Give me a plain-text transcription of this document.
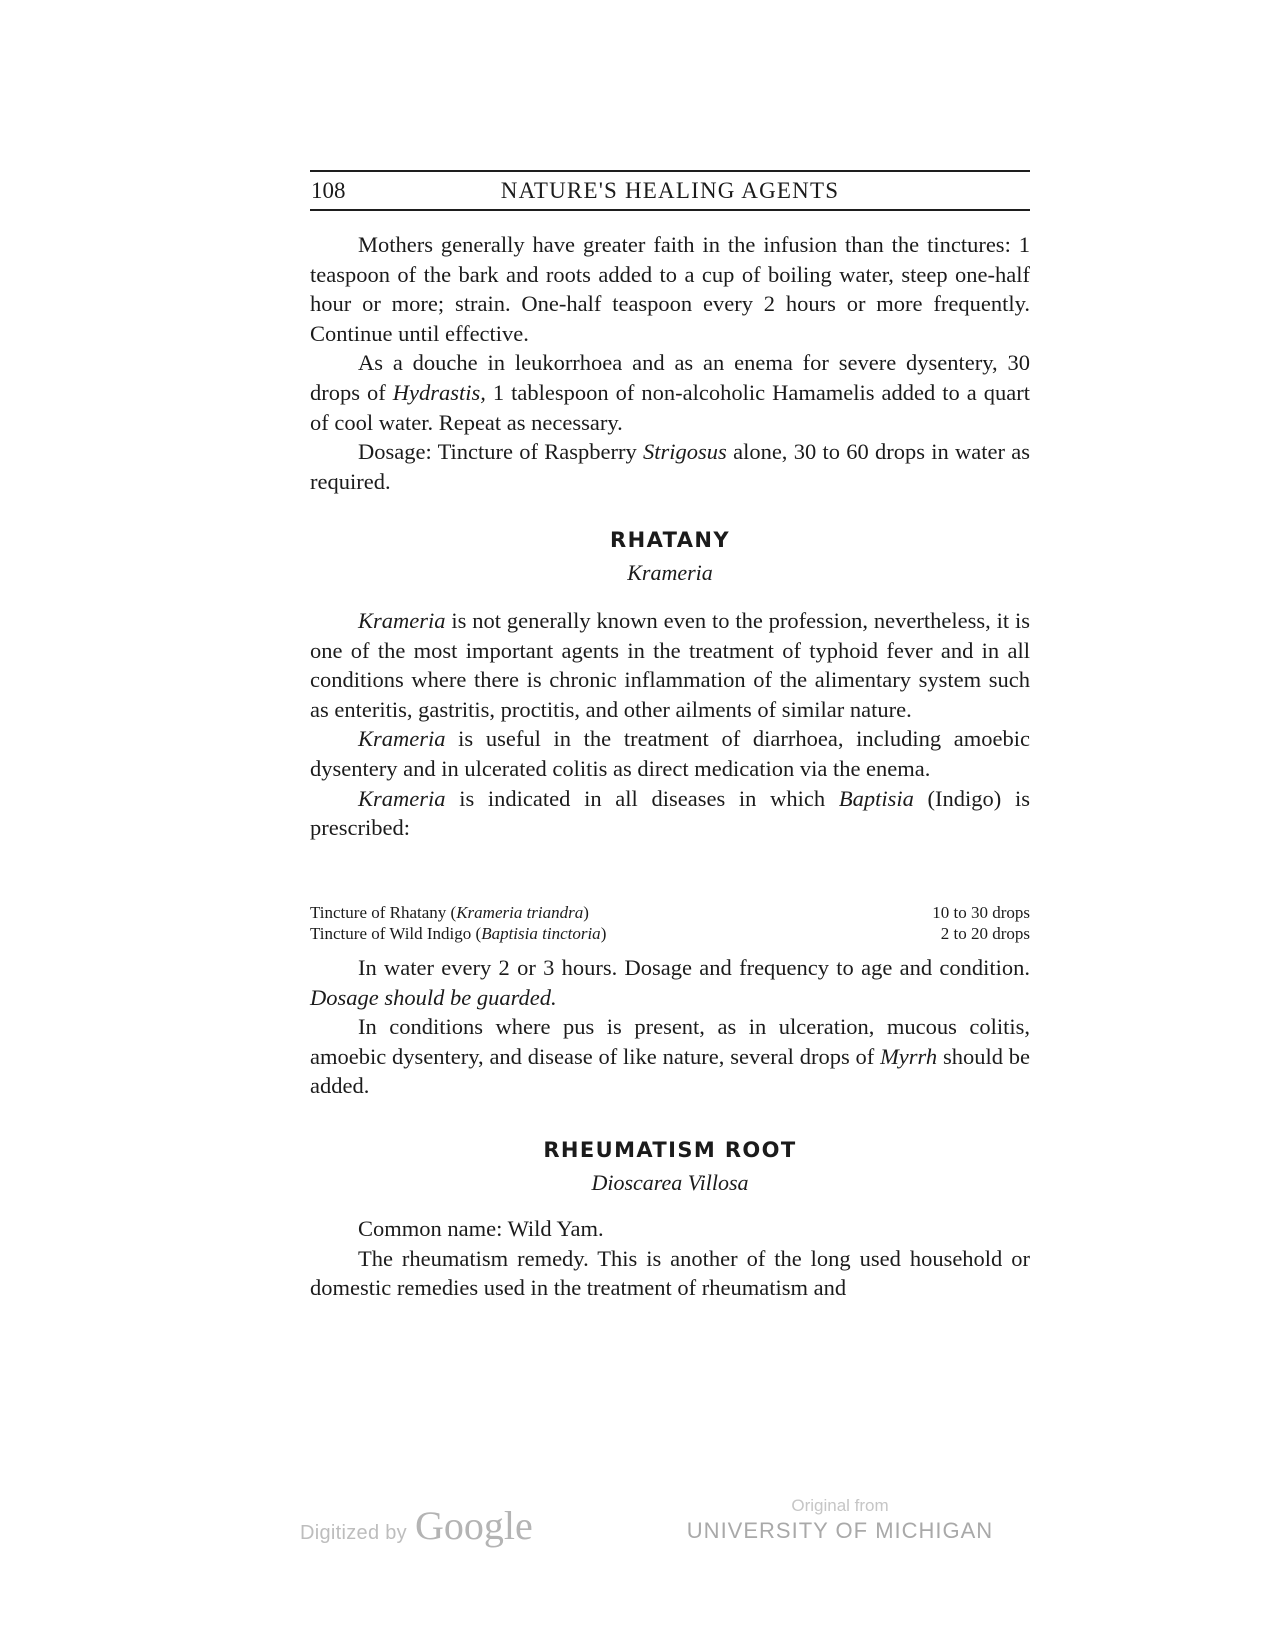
108	NATURE'S HEALING AGENTS

Mothers generally have greater faith in the infusion than the tinctures: 1 teaspoon of the bark and roots added to a cup of boiling water, steep one-half hour or more; strain. One-half teaspoon every 2 hours or more frequently. Continue until effective.

As a douche in leukorrhoea and as an enema for severe dysentery, 30 drops of Hydrastis, 1 tablespoon of non-alcoholic Hamamelis added to a quart of cool water. Repeat as necessary.

Dosage: Tincture of Raspberry Strigosus alone, 30 to 60 drops in water as required.

RHATANY
Krameria

Krameria is not generally known even to the profession, nevertheless, it is one of the most important agents in the treatment of typhoid fever and in all conditions where there is chronic inflammation of the alimentary system such as enteritis, gastritis, proctitis, and other ailments of similar nature.

Krameria is useful in the treatment of diarrhoea, including amoebic dysentery and in ulcerated colitis as direct medication via the enema.

Krameria is indicated in all diseases in which Baptisia (Indigo) is prescribed:

Tincture of Rhatany (Krameria triandra)	10 to 30 drops
Tincture of Wild Indigo (Baptisia tinctoria)	2 to 20 drops

In water every 2 or 3 hours. Dosage and frequency to age and condition. Dosage should be guarded.

In conditions where pus is present, as in ulceration, mucous colitis, amoebic dysentery, and disease of like nature, several drops of Myrrh should be added.

RHEUMATISM ROOT
Dioscarea Villosa

Common name: Wild Yam.

The rheumatism remedy. This is another of the long used household or domestic remedies used in the treatment of rheumatism and

Digitized by Google	Original from
UNIVERSITY OF MICHIGAN
